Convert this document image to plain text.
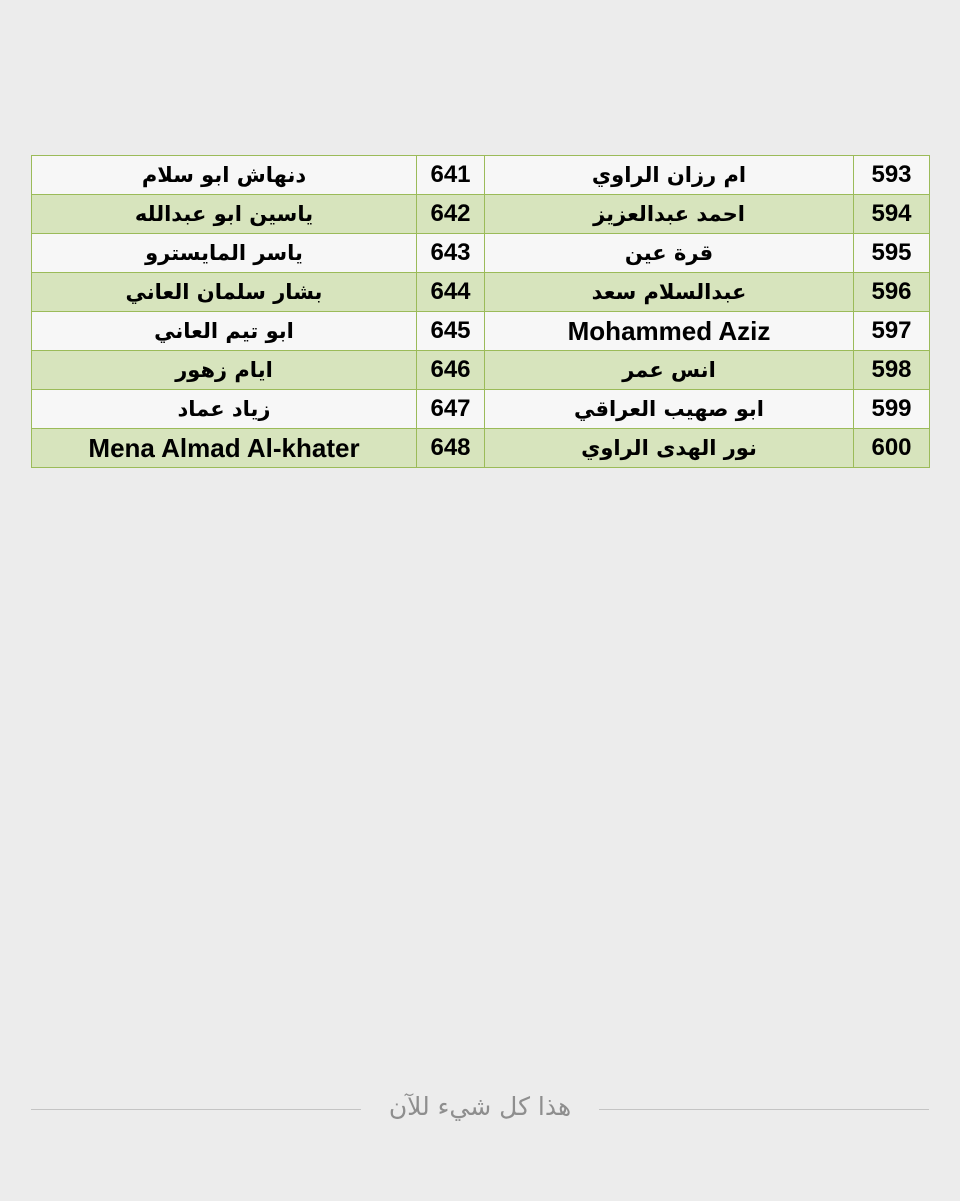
593	ام رزان الراوي	641	دنهاش ابو سلام
594	احمد عبدالعزيز	642	ياسين ابو عبدالله
595	قرة عين	643	ياسر المايسترو
596	عبدالسلام سعد	644	بشار سلمان العاني
597	Mohammed Aziz	645	ابو تيم العاني
598	انس عمر	646	ايام زهور
599	ابو صهيب العراقي	647	زياد عماد
600	نور الهدى الراوي	648	Mena Almad Al-khater
هذا كل شيء للآن
